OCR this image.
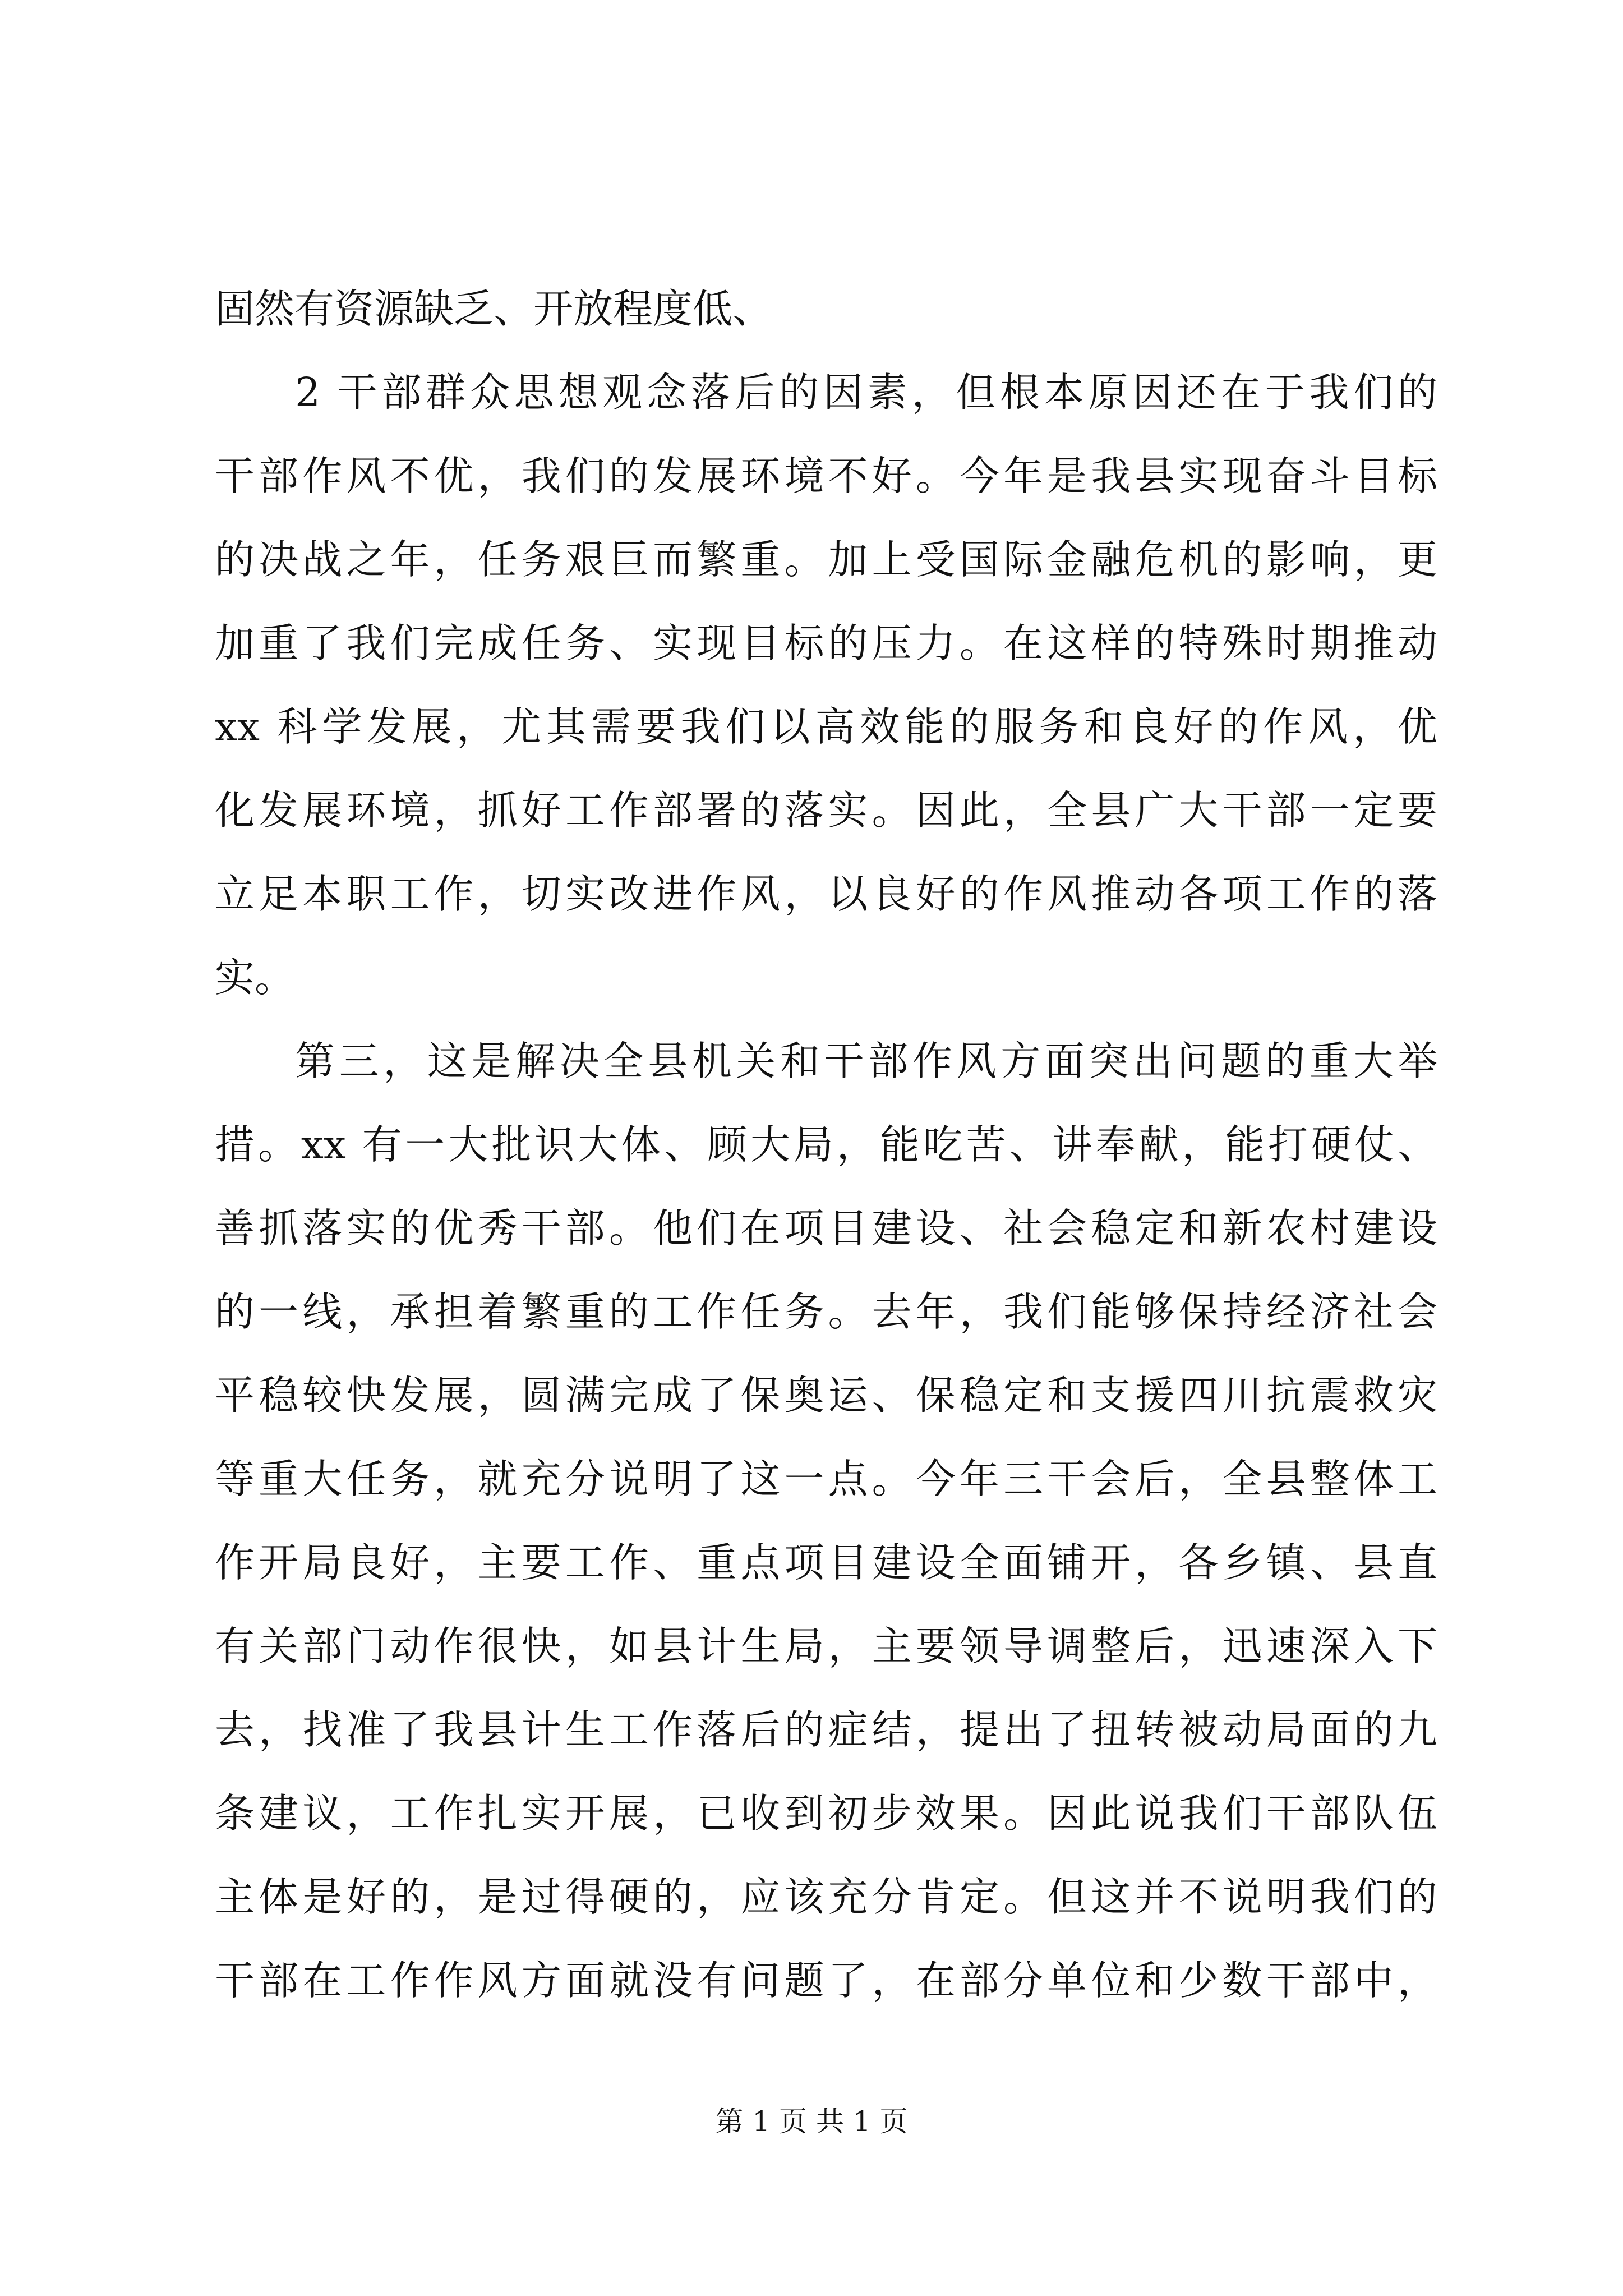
固然有资源缺乏、开放程度低、
2 干部群众思想观念落后的因素，但根本原因还在于我们的
干部作风不优，我们的发展环境不好。今年是我县实现奋斗目标
的决战之年，任务艰巨而繁重。加上受国际金融危机的影响，更
加重了我们完成任务、实现目标的压力。在这样的特殊时期推动
xx 科学发展，尤其需要我们以高效能的服务和良好的作风，优
化发展环境，抓好工作部署的落实。因此，全县广大干部一定要
立足本职工作，切实改进作风，以良好的作风推动各项工作的落
实。
第三，这是解决全县机关和干部作风方面突出问题的重大举
措。xx 有一大批识大体、顾大局，能吃苦、讲奉献，能打硬仗、
善抓落实的优秀干部。他们在项目建设、社会稳定和新农村建设
的一线，承担着繁重的工作任务。去年，我们能够保持经济社会
平稳较快发展，圆满完成了保奥运、保稳定和支援四川抗震救灾
等重大任务，就充分说明了这一点。今年三干会后，全县整体工
作开局良好，主要工作、重点项目建设全面铺开，各乡镇、县直
有关部门动作很快，如县计生局，主要领导调整后，迅速深入下
去，找准了我县计生工作落后的症结，提出了扭转被动局面的九
条建议，工作扎实开展，已收到初步效果。因此说我们干部队伍
主体是好的，是过得硬的，应该充分肯定。但这并不说明我们的
干部在工作作风方面就没有问题了，在部分单位和少数干部中，
第 1 页 共 1 页
